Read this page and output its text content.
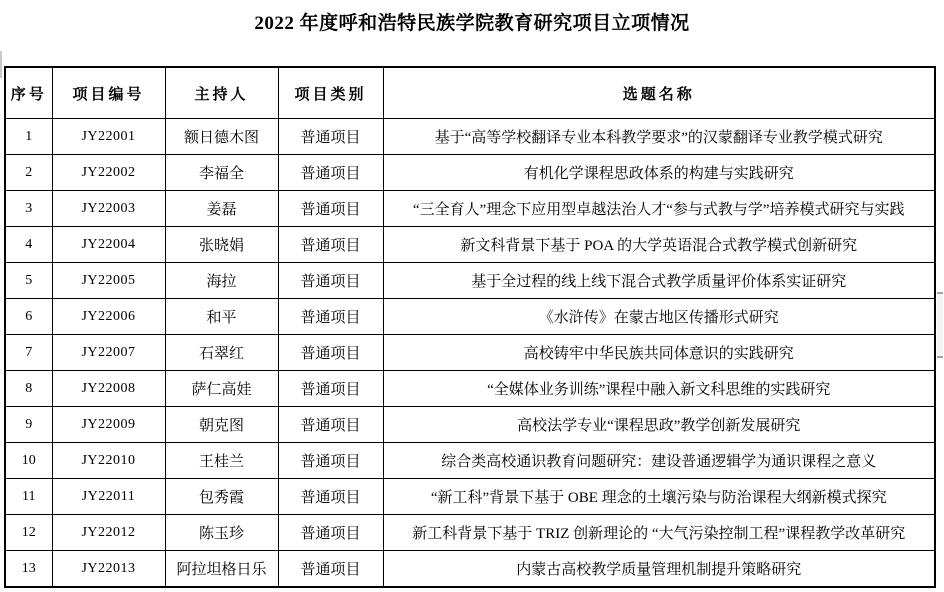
2022 年度呼和浩特民族学院教育研究项目立项情况
序号	项目编号	主持人	项目类别	选题名称
1	JY22001	额日德木图	普通项目	基于“高等学校翻译专业本科教学要求”的汉蒙翻译专业教学模式研究
2	JY22002	李福全	普通项目	有机化学课程思政体系的构建与实践研究
3	JY22003	姜磊	普通项目	“三全育人”理念下应用型卓越法治人才“参与式教与学”培养模式研究与实践
4	JY22004	张晓娟	普通项目	新文科背景下基于 POA 的大学英语混合式教学模式创新研究
5	JY22005	海拉	普通项目	基于全过程的线上线下混合式教学质量评价体系实证研究
6	JY22006	和平	普通项目	《水浒传》在蒙古地区传播形式研究
7	JY22007	石翠红	普通项目	高校铸牢中华民族共同体意识的实践研究
8	JY22008	萨仁高娃	普通项目	“全媒体业务训练”课程中融入新文科思维的实践研究
9	JY22009	朝克图	普通项目	高校法学专业“课程思政”教学创新发展研究
10	JY22010	王桂兰	普通项目	综合类高校通识教育问题研究：建设普通逻辑学为通识课程之意义
11	JY22011	包秀霞	普通项目	“新工科”背景下基于 OBE 理念的土壤污染与防治课程大纲新模式探究
12	JY22012	陈玉珍	普通项目	新工科背景下基于 TRIZ 创新理论的 “大气污染控制工程”课程教学改革研究
13	JY22013	阿拉坦格日乐	普通项目	内蒙古高校教学质量管理机制提升策略研究
